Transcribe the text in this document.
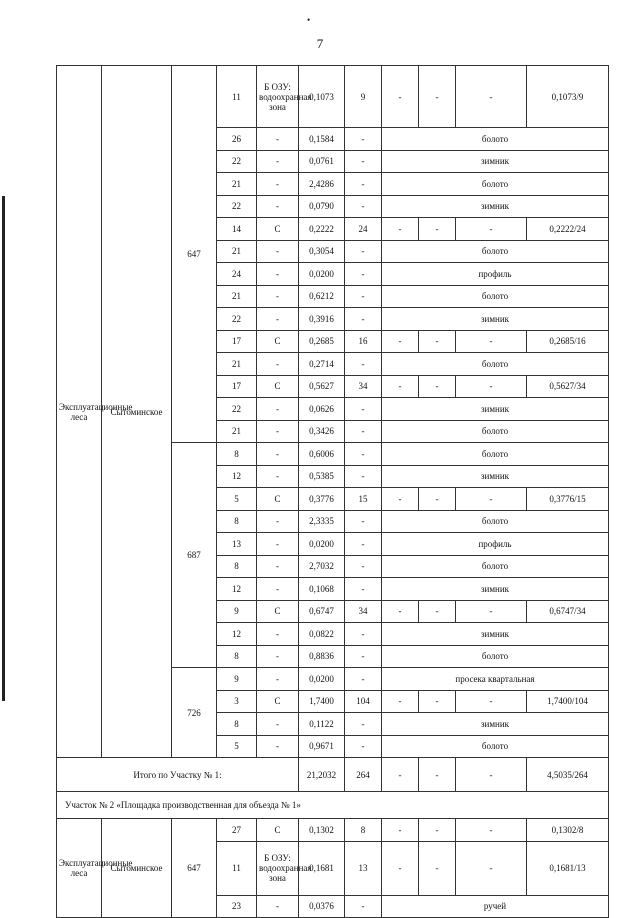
•
7
Эксплуатационные леса	Сытоминское	647	11	Б ОЗУ: водоохранная зона	0,1073	9	-	-	-	0,1073/9
			26	-	0,1584	-	болото			
			22	-	0,0761	-	зимник			
			21	-	2,4286	-	болото			
			22	-	0,0790	-	зимник			
			14	С	0,2222	24	-	-	-	0,2222/24
			21	-	0,3054	-	болото			
			24	-	0,0200	-	профиль			
			21	-	0,6212	-	болото			
			22	-	0,3916	-	зимник			
			17	С	0,2685	16	-	-	-	0,2685/16
			21	-	0,2714	-	болото			
			17	С	0,5627	34	-	-	-	0,5627/34
			22	-	0,0626	-	зимник			
			21	-	0,3426	-	болото			
		687	8	-	0,6006	-	болото			
			12	-	0,5385	-	зимник			
			5	С	0,3776	15	-	-	-	0,3776/15
			8	-	2,3335	-	болото			
			13	-	0,0200	-	профиль			
			8	-	2,7032	-	болото			
			12	-	0,1068	-	зимник			
			9	С	0,6747	34	-	-	-	0,6747/34
			12	-	0,0822	-	зимник			
			8	-	0,8836	-	болото			
		726	9	-	0,0200	-	просека квартальная			
			3	С	1,7400	104	-	-	-	1,7400/104
			8	-	0,1122	-	зимник			
			5	-	0,9671	-	болото			
Итого по Участку № 1:					21,2032	264	-	-	-	4,5035/264
Участок № 2 «Площадка производственная для объезда № 1»										
Эксплуатационные леса	Сытоминское	647	27	С	0,1302	8	-	-	-	0,1302/8
			11	Б ОЗУ: водоохранная зона	0,1681	13	-	-	-	0,1681/13
			23	-	0,0376	-	ручей			
